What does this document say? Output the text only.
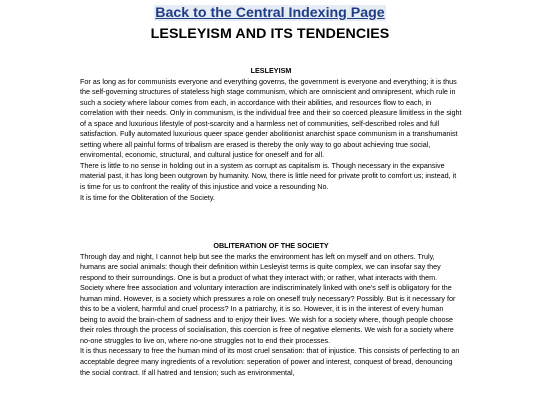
Back to the Central Indexing Page
LESLEYISM AND ITS TENDENCIES

LESLEYISM

For as long as for communists everyone and everything governs, the government is everyone and everything; it is thus the self-governing structures of stateless high stage communism, which are omniscient and omnipresent, which rule in such a society where labour comes from each, in accordance with their abilities, and resources flow to each, in correlation with their needs. Only in communism, is the individual free and their so coerced pleasure limitless in the sight of a space and luxurious lifestyle of post-scarcity and a harmless net of communities, self-described roles and full satisfaction. Fully automated luxurious queer space gender abolitionist anarchist space communism in a transhumanist setting where all painful forms of tribalism are erased is thereby the only way to go about achieving true social, enviromental, economic, structural, and cultural justice for oneself and for all.

There is little to no sense in holding out in a system as corrupt as capitalism is. Though necessary in the expansive material past, it has long been outgrown by humanity. Now, there is little need for private profit to comfort us; instead, it is time for us to confront the reality of this injustice and voice a resounding No.

It is time for the Obliteration of the Society.

OBLITERATION OF THE SOCIETY

Through day and night, I cannot help but see the marks the environment has left on myself and on others. Truly, humans are social animals: though their definition within Lesleyist terms is quite complex, we can insofar say they respond to their surroundings. One is but a product of what they interact with; or rather, what interacts with them.

Society where free association and voluntary interaction are indiscriminately linked with one's self is obligatory for the human mind. However, is a society which pressures a role on oneself truly necessary? Possibly. But is it necessary for this to be a violent, harmful and cruel process? In a patriarchy, it is so. However, it is in the interest of every human being to avoid the brain-chem of sadness and to enjoy their lives. We wish for a society where, though people choose their roles through the process of socialisation, this coercion is free of negative elements. We wish for a society where no-one struggles to live on, where no-one struggles not to end their processes.

It is thus necessary to free the human mind of its most cruel sensation: that of injustice. This consists of perfecting to an acceptable degree many ingredients of a revolution: seperation of power and interest, conquest of bread, denouncing the social contract. If all hatred and tension; such as environmental,
